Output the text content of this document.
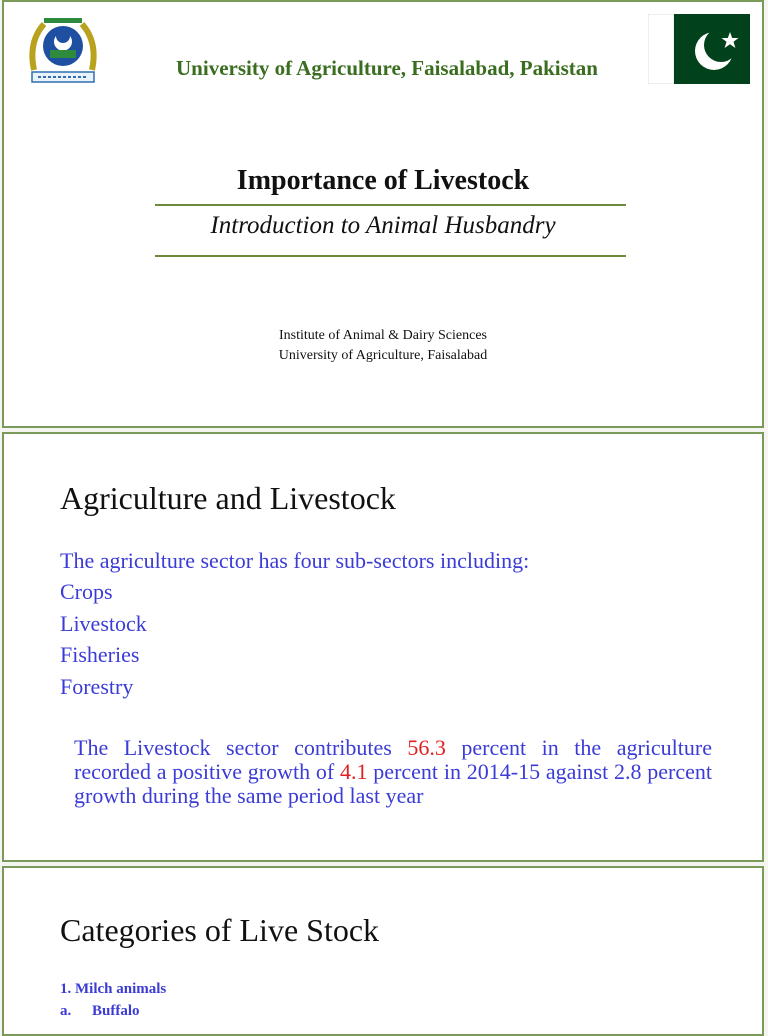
University of Agriculture, Faisalabad, Pakistan
Importance of Livestock
Introduction to Animal Husbandry
Institute of Animal & Dairy Sciences
University of Agriculture, Faisalabad
Agriculture and Livestock
The agriculture sector has four sub-sectors including:
Crops
Livestock
Fisheries
Forestry
The Livestock sector contributes 56.3 percent in the agriculture recorded a positive growth of 4.1 percent in 2014-15 against 2.8 percent growth during the same period last year
Categories of Live Stock
1. Milch animals
a. Buffalo
